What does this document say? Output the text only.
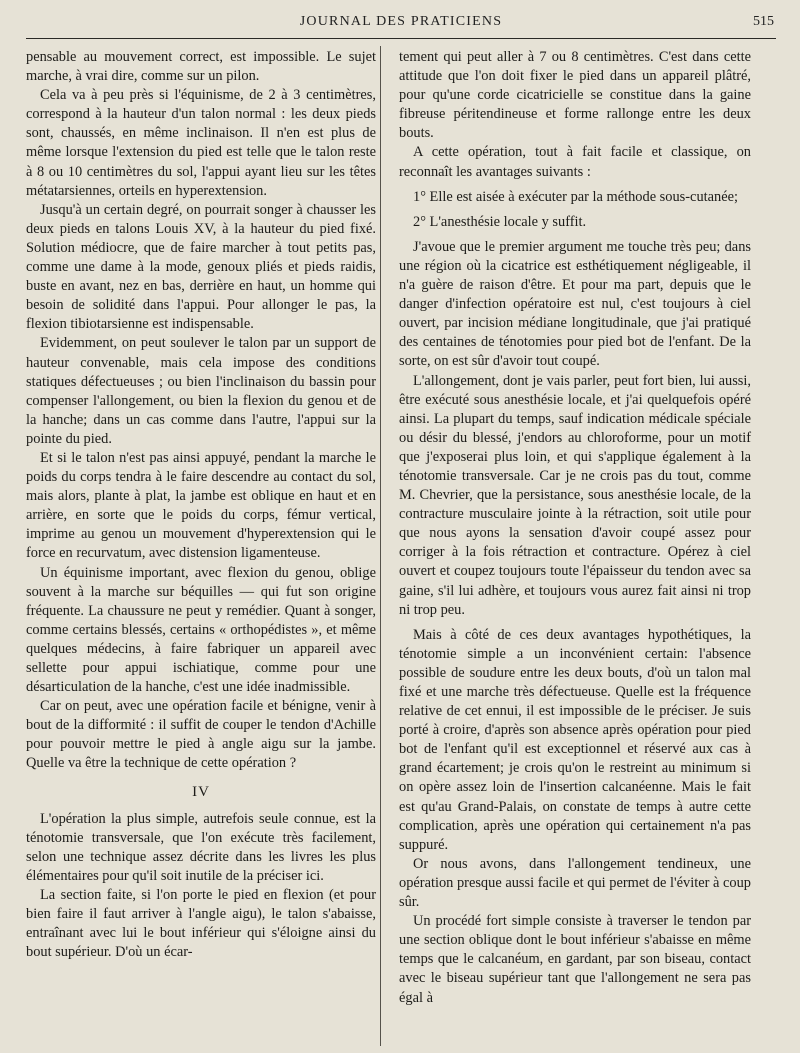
JOURNAL DES PRATICIENS	515

pensable au mouvement correct, est impossible. Le sujet marche, à vrai dire, comme sur un pilon.

Cela va à peu près si l'équinisme, de 2 à 3 centimètres, correspond à la hauteur d'un talon normal : les deux pieds sont, chaussés, en même inclinaison. Il n'en est plus de même lorsque l'extension du pied est telle que le talon reste à 8 ou 10 centimètres du sol, l'appui ayant lieu sur les têtes métatarsiennes, orteils en hyperextension.

Jusqu'à un certain degré, on pourrait songer à chausser les deux pieds en talons Louis XV, à la hauteur du pied fixé. Solution médiocre, que de faire marcher à tout petits pas, comme une dame à la mode, genoux pliés et pieds raidis, buste en avant, nez en bas, derrière en haut, un homme qui besoin de solidité dans l'appui. Pour allonger le pas, la flexion tibiotarsienne est indispensable.

Evidemment, on peut soulever le talon par un support de hauteur convenable, mais cela impose des conditions statiques défectueuses ; ou bien l'inclinaison du bassin pour compenser l'allongement, ou bien la flexion du genou et de la hanche; dans un cas comme dans l'autre, l'appui sur la pointe du pied.

Et si le talon n'est pas ainsi appuyé, pendant la marche le poids du corps tendra à le faire descendre au contact du sol, mais alors, plante à plat, la jambe est oblique en haut et en arrière, en sorte que le poids du corps, fémur vertical, imprime au genou un mouvement d'hyperextension qui le force en recurvatum, avec distension ligamenteuse.

Un équinisme important, avec flexion du genou, oblige souvent à la marche sur béquilles — qui fut son origine fréquente. La chaussure ne peut y remédier. Quant à songer, comme certains blessés, certains « orthopédistes », et même quelques médecins, à faire fabriquer un appareil avec sellette pour appui ischiatique, comme pour une désarticulation de la hanche, c'est une idée inadmissible.

Car on peut, avec une opération facile et bénigne, venir à bout de la difformité : il suffit de couper le tendon d'Achille pour pouvoir mettre le pied à angle aigu sur la jambe. Quelle va être la technique de cette opération ?

IV

L'opération la plus simple, autrefois seule connue, est la ténotomie transversale, que l'on exécute très facilement, selon une technique assez décrite dans les livres les plus élémentaires pour qu'il soit inutile de la préciser ici.

La section faite, si l'on porte le pied en flexion (et pour bien faire il faut arriver à l'angle aigu), le talon s'abaisse, entraînant avec lui le bout inférieur qui s'éloigne ainsi du bout supérieur. D'où un écar-

tement qui peut aller à 7 ou 8 centimètres. C'est dans cette attitude que l'on doit fixer le pied dans un appareil plâtré, pour qu'une corde cicatricielle se constitue dans la gaine fibreuse péritendineuse et forme rallonge entre les deux bouts.

A cette opération, tout à fait facile et classique, on reconnaît les avantages suivants :

1° Elle est aisée à exécuter par la méthode sous-cutanée;

2° L'anesthésie locale y suffit.

J'avoue que le premier argument me touche très peu; dans une région où la cicatrice est esthétiquement négligeable, il n'a guère de raison d'être. Et pour ma part, depuis que le danger d'infection opératoire est nul, c'est toujours à ciel ouvert, par incision médiane longitudinale, que j'ai pratiqué des centaines de ténotomies pour pied bot de l'enfant. De la sorte, on est sûr d'avoir tout coupé.

L'allongement, dont je vais parler, peut fort bien, lui aussi, être exécuté sous anesthésie locale, et j'ai quelquefois opéré ainsi. La plupart du temps, sauf indication médicale spéciale ou désir du blessé, j'endors au chloroforme, pour un motif que j'exposerai plus loin, et qui s'applique également à la ténotomie transversale. Car je ne crois pas du tout, comme M. Chevrier, que la persistance, sous anesthésie locale, de la contracture musculaire jointe à la rétraction, soit utile pour que nous ayons la sensation d'avoir coupé assez pour corriger à la fois rétraction et contracture. Opérez à ciel ouvert et coupez toujours toute l'épaisseur du tendon avec sa gaine, s'il lui adhère, et toujours vous aurez fait ainsi ni trop ni trop peu.

Mais à côté de ces deux avantages hypothétiques, la ténotomie simple a un inconvénient certain: l'absence possible de soudure entre les deux bouts, d'où un talon mal fixé et une marche très défectueuse. Quelle est la fréquence relative de cet ennui, il est impossible de le préciser. Je suis porté à croire, d'après son absence après opération pour pied bot de l'enfant qu'il est exceptionnel et réservé aux cas à grand écartement; je crois qu'on le restreint au minimum si on opère assez loin de l'insertion calcanéenne. Mais le fait est qu'au Grand-Palais, on constate de temps à autre cette complication, après une opération qui certainement n'a pas suppuré.

Or nous avons, dans l'allongement tendineux, une opération presque aussi facile et qui permet de l'éviter à coup sûr.

Un procédé fort simple consiste à traverser le tendon par une section oblique dont le bout inférieur s'abaisse en même temps que le calcanéum, en gardant, par son biseau, contact avec le biseau supérieur tant que l'allongement ne sera pas égal à
